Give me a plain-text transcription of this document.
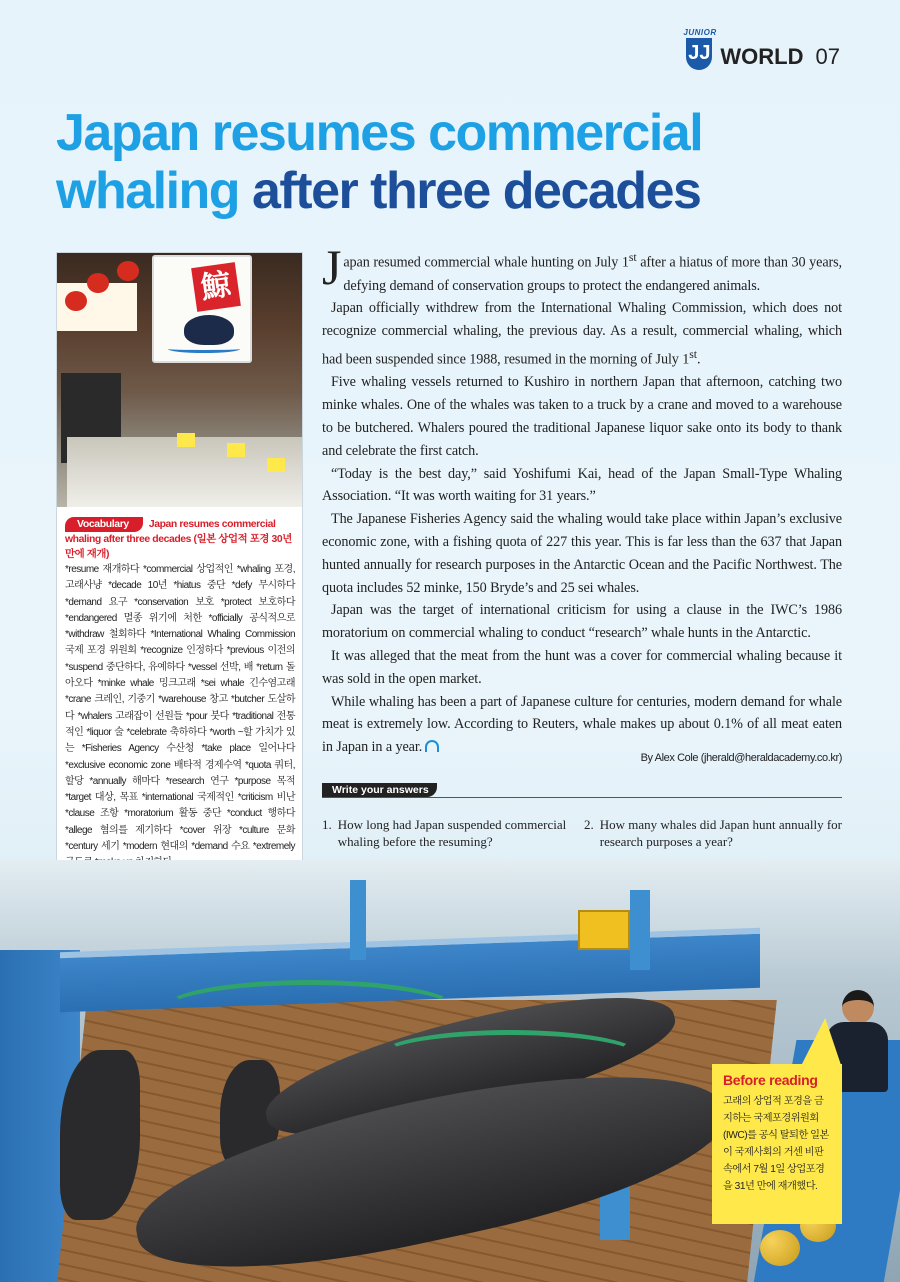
JUNIOR
JJ WORLD 07
Japan resumes commercial
whaling after three decades
鯨
Vocabulary Japan resumes commercial whaling after three decades (일본 상업적 포경 30년 만에 재개)
*resume 재개하다 *commercial 상업적인 *whaling 포경, 고래사냥 *decade 10년 *hiatus 중단 *defy 무시하다 *demand 요구 *conservation 보호 *protect 보호하다 *endangered 멸종 위기에 처한 *officially 공식적으로 *withdraw 철회하다 *International Whaling Commission 국제 포경 위원회 *recognize 인정하다 *previous 이전의 *suspend 중단하다, 유예하다 *vessel 선박, 배 *return 돌아오다 *minke whale 밍크고래 *sei whale 긴수염고래 *crane 크레인, 기중기 *warehouse 창고 *butcher 도살하다 *whalers 고래잡이 선원들 *pour 붓다 *traditional 전통적인 *liquor 술 *celebrate 축하하다 *worth ~할 가치가 있는 *Fisheries Agency 수산청 *take place 일어나다 *exclusive economic zone 배타적 경제수역 *quota 쿼터, 할당 *annually 해마다 *research 연구 *purpose 목적 *target 대상, 목표 *international 국제적인 *criticism 비난 *clause 조항 *moratorium 활동 중단 *conduct 행하다 *allege 혐의를 제기하다 *cover 위장 *culture 문화 *century 세기 *modern 현대의 *demand 수요 *extremely

Japan resumed commercial whale hunting on July 1st after a hiatus of more than 30 years, defying demand of conservation groups to protect the endangered animals.

Japan officially withdrew from the International Whaling Commission, which does not recognize commercial whaling, the previous day. As a result, commercial whaling, which had been suspended since 1988, resumed in the morning of July 1st.

Five whaling vessels returned to Kushiro in northern Japan that afternoon, catching two minke whales. One of the whales was taken to a truck by a crane and moved to a warehouse to be butchered. Whalers poured the traditional Japanese liquor sake onto its body to thank and celebrate the first catch.

“Today is the best day,” said Yoshifumi Kai, head of the Japan Small-Type Whaling Association. “It was worth waiting for 31 years.”

The Japanese Fisheries Agency said the whaling would take place within Japan’s exclusive economic zone, with a fishing quota of 227 this year. This is far less than the 637 that Japan hunted annually for research purposes in the Antarctic Ocean and the Pacific Northwest. The quota includes 52 minke, 150 Bryde’s and 25 sei whales.

Japan was the target of international criticism for using a clause in the IWC’s 1986 moratorium on commercial whaling to conduct “research” whale hunts in the Antarctic.

It was alleged that the meat from the hunt was a cover for commercial whaling because it was sold in the open market.

While whaling has been a part of Japanese culture for centuries, modern demand for whale meat is extremely low. According to Reuters, whale makes up about 0.1% of all meat eaten in Japan in a year.

By Alex Cole (jherald@heraldacademy.co.kr)
Write your answers
1. How long had Japan suspended commercial whaling before the resuming?
2. How many whales did Japan hunt annually for research purposes a year?
Before reading
고래의 상업적 포경을 금지하는 국제포경위원회(IWC)를 공식 탈퇴한 일본이 국제사회의 거센 비판 속에서 7월 1일 상업포경을 31년 만에 재개했다.
